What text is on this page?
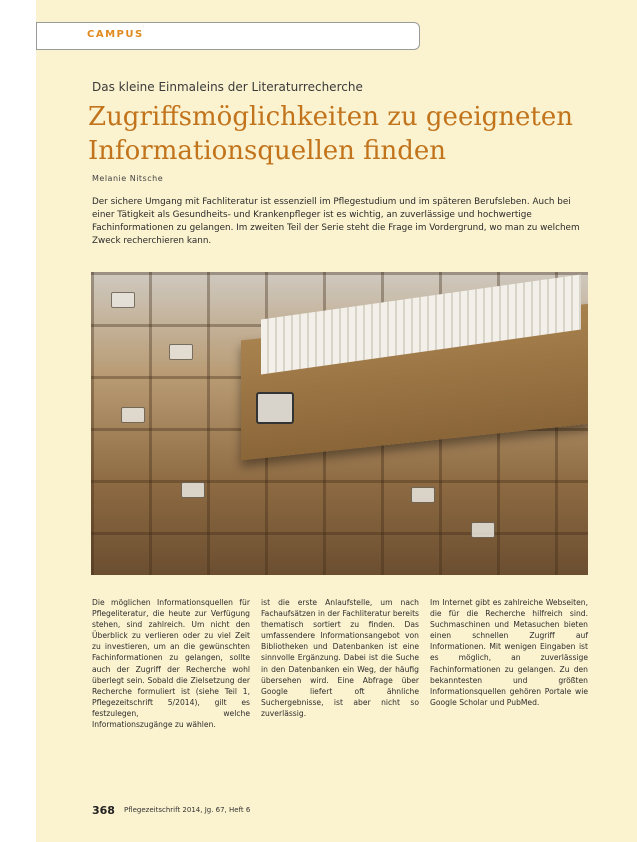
CAMPUS
Das kleine Einmaleins der Literaturrecherche
Zugriffsmöglichkeiten zu geeigneten Informationsquellen finden
Melanie Nitsche

Der sichere Umgang mit Fachliteratur ist essenziell im Pflegestudium und im späteren Berufsleben. Auch bei einer Tätigkeit als Gesundheits- und Krankenpfleger ist es wichtig, an zuverlässige und hochwertige Fachinformationen zu gelangen. Im zweiten Teil der Serie steht die Frage im Vordergrund, wo man zu welchem Zweck recherchieren kann.

Die möglichen Informationsquellen für Pflegeliteratur, die heute zur Verfügung stehen, sind zahlreich. Um nicht den Überblick zu verlieren oder zu viel Zeit zu investieren, um an die gewünschten Fachinformationen zu gelangen, sollte auch der Zugriff der Recherche wohl überlegt sein. Sobald die Zielsetzung der Recherche formuliert ist (siehe Teil 1, Pflegezeitschrift 5/2014), gilt es festzulegen, welche Informationszugänge zu wählen.

ist die erste Anlaufstelle, um nach Fachaufsätzen in der Fachliteratur bereits thematisch sortiert zu finden. Das umfassendere Informationsangebot von Bibliotheken und Datenbanken ist eine sinnvolle Ergänzung. Dabei ist die Suche in den Datenbanken ein Weg, der häufig übersehen wird. Eine Abfrage über Google liefert oft ähnliche Suchergebnisse, ist aber nicht so zuverlässig.

Im Internet gibt es zahlreiche Webseiten, die für die Recherche hilfreich sind. Suchmaschinen und Metasuchen bieten einen schnellen Zugriff auf Informationen. Mit wenigen Eingaben ist es möglich, an zuverlässige Fachinformationen zu gelangen. Zu den bekanntesten und größten Informationsquellen gehören Portale wie Google Scholar und PubMed.

368 Pflegezeitschrift 2014, Jg. 67, Heft 6
